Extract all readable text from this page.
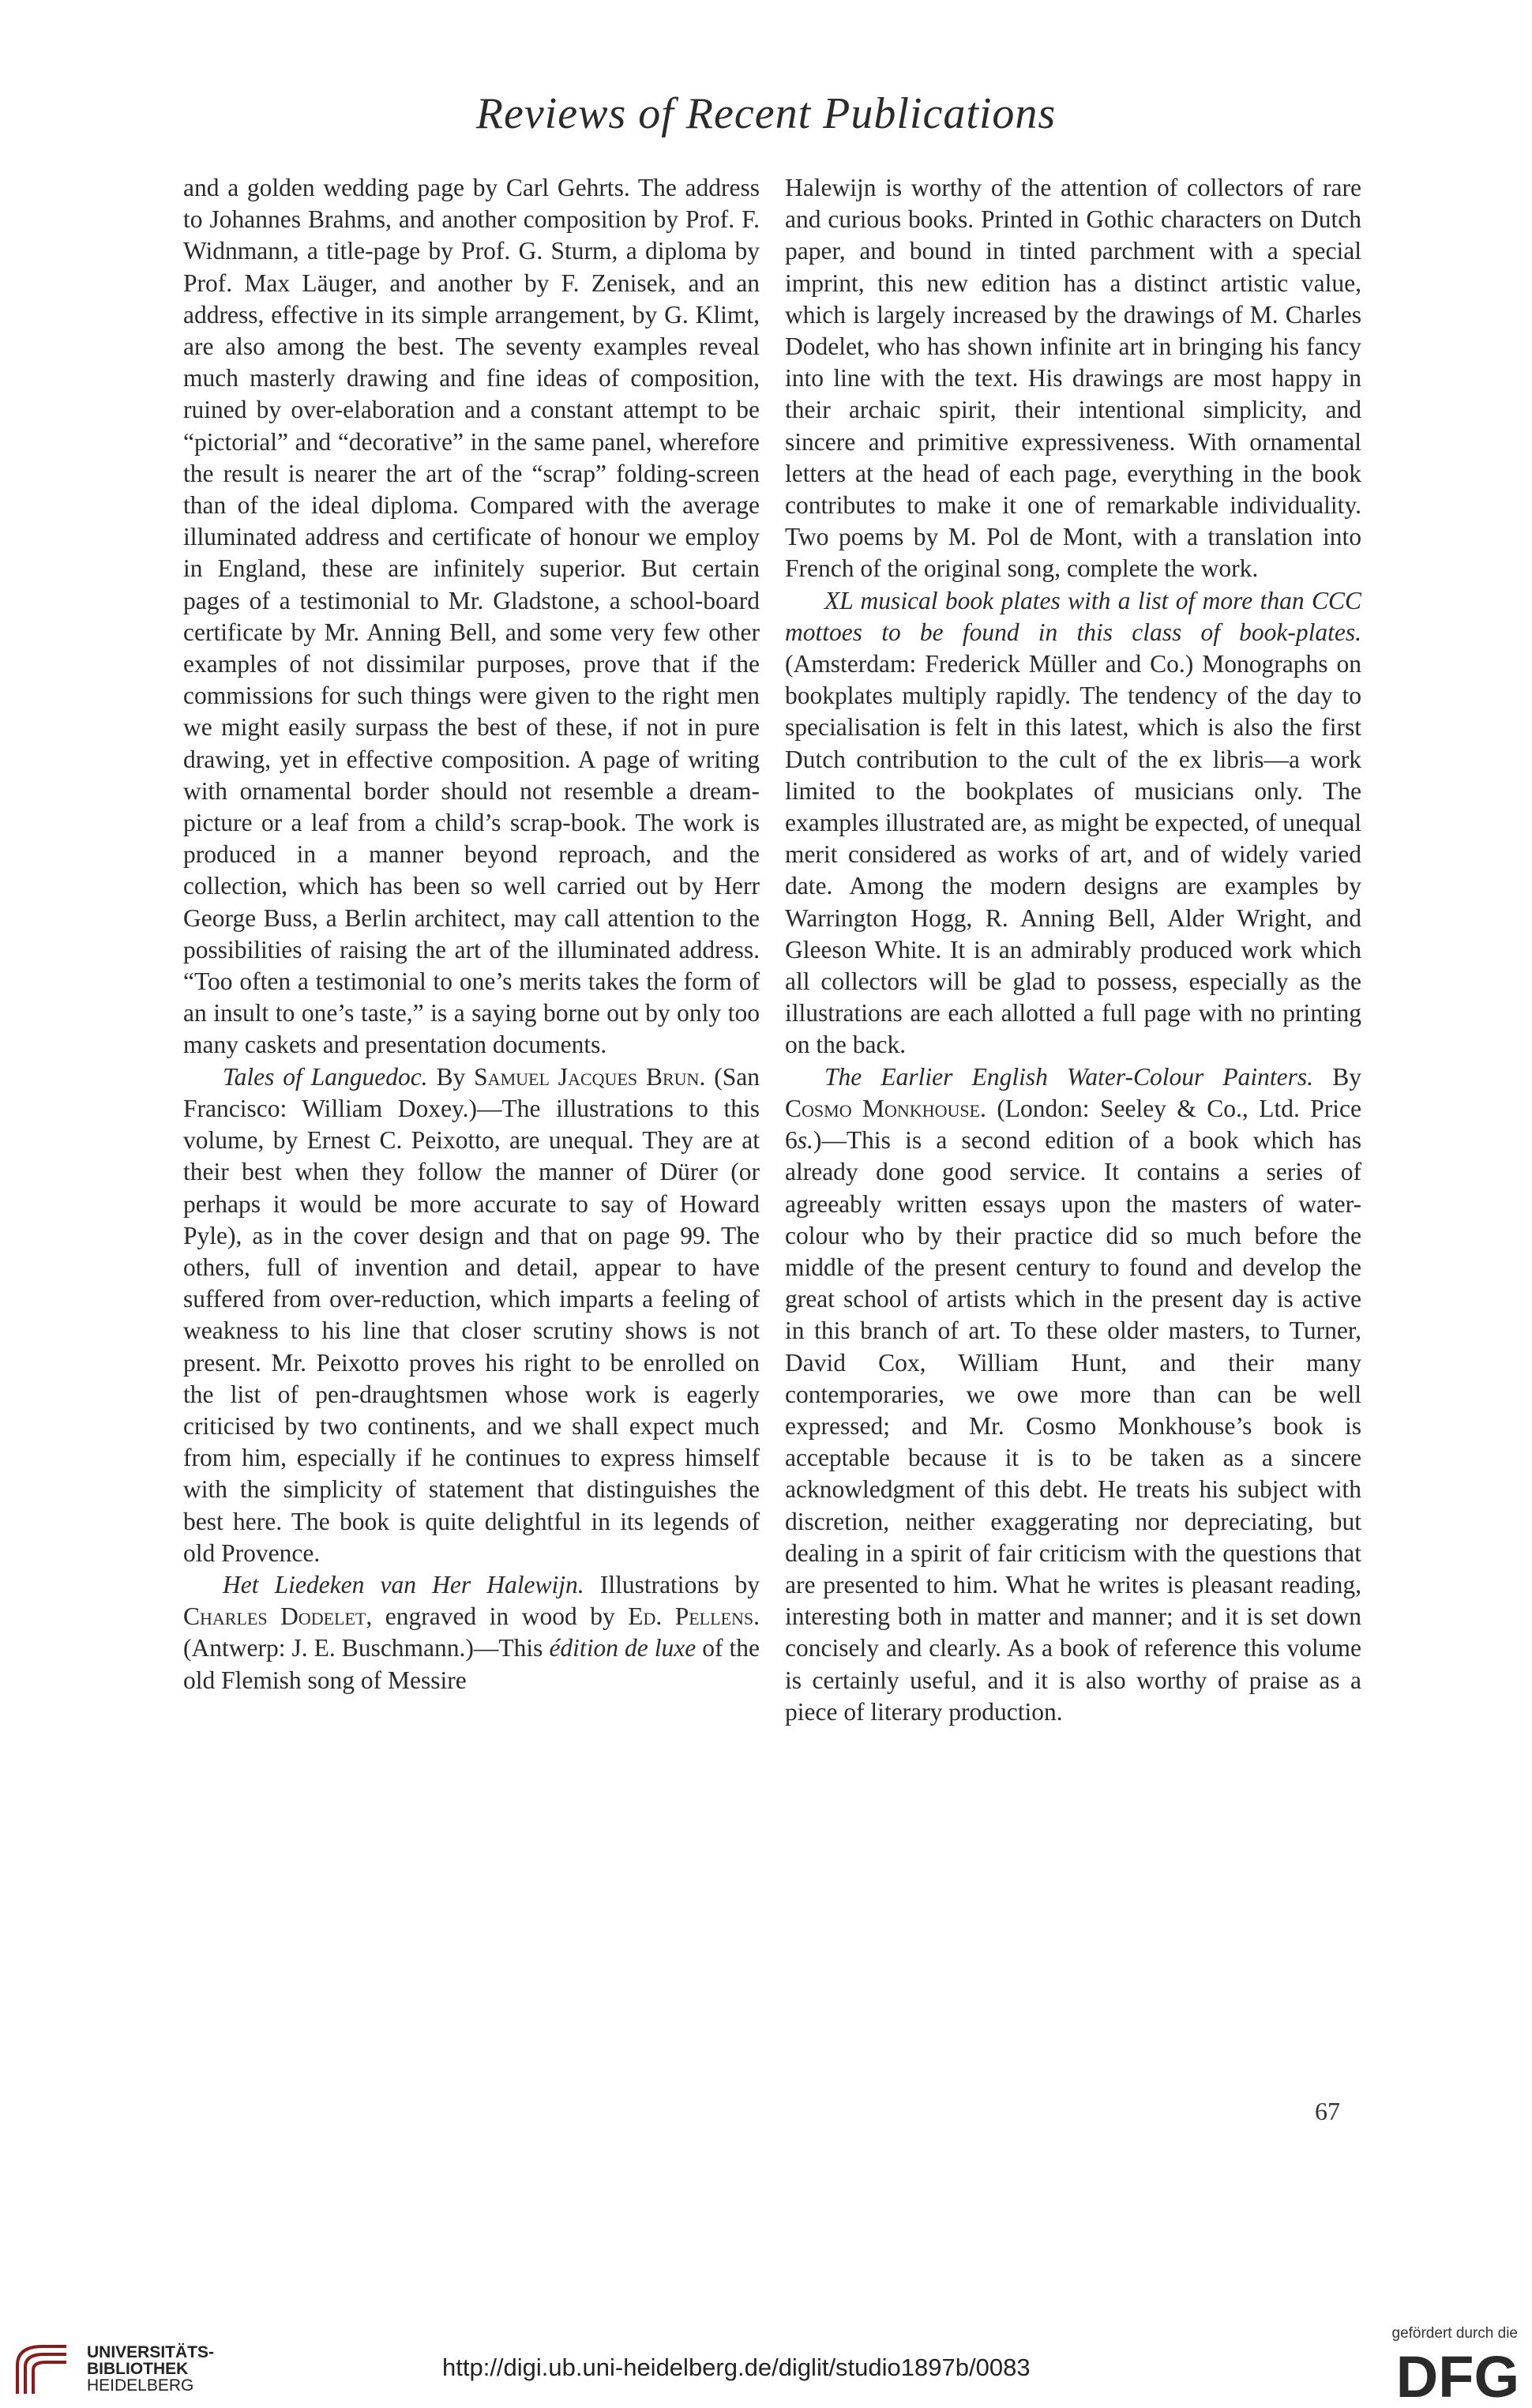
Reviews of Recent Publications

and a golden wedding page by Carl Gehrts. The address to Johannes Brahms, and another composition by Prof. F. Widnmann, a title-page by Prof. G. Sturm, a diploma by Prof. Max Läuger, and another by F. Zenisek, and an address, effective in its simple arrangement, by G. Klimt, are also among the best. The seventy examples reveal much masterly drawing and fine ideas of composition, ruined by over-elaboration and a constant attempt to be “pictorial” and “decorative” in the same panel, wherefore the result is nearer the art of the “scrap” folding-screen than of the ideal diploma. Compared with the average illuminated address and certificate of honour we employ in England, these are infinitely superior. But certain pages of a testimonial to Mr. Gladstone, a school-board certificate by Mr. Anning Bell, and some very few other examples of not dissimilar purposes, prove that if the commissions for such things were given to the right men we might easily surpass the best of these, if not in pure drawing, yet in effective composition. A page of writing with ornamental border should not resemble a dream-picture or a leaf from a child’s scrap-book. The work is produced in a manner beyond reproach, and the collection, which has been so well carried out by Herr George Buss, a Berlin architect, may call attention to the possibilities of raising the art of the illuminated address. “Too often a testimonial to one’s merits takes the form of an insult to one’s taste,” is a saying borne out by only too many caskets and presentation documents.

Tales of Languedoc. By Samuel Jacques Brun. (San Francisco: William Doxey.)—The illustrations to this volume, by Ernest C. Peixotto, are unequal. They are at their best when they follow the manner of Dürer (or perhaps it would be more accurate to say of Howard Pyle), as in the cover design and that on page 99. The others, full of invention and detail, appear to have suffered from over-reduction, which imparts a feeling of weakness to his line that closer scrutiny shows is not present. Mr. Peixotto proves his right to be enrolled on the list of pen-draughtsmen whose work is eagerly criticised by two continents, and we shall expect much from him, especially if he continues to express himself with the simplicity of statement that distinguishes the best here. The book is quite delightful in its legends of old Provence.

Het Liedeken van Her Halewijn. Illustrations by Charles Dodelet, engraved in wood by Ed. Pellens. (Antwerp: J. E. Buschmann.)—This édition de luxe of the old Flemish song of Messire

Halewijn is worthy of the attention of collectors of rare and curious books. Printed in Gothic characters on Dutch paper, and bound in tinted parchment with a special imprint, this new edition has a distinct artistic value, which is largely increased by the drawings of M. Charles Dodelet, who has shown infinite art in bringing his fancy into line with the text. His drawings are most happy in their archaic spirit, their intentional simplicity, and sincere and primitive expressiveness. With ornamental letters at the head of each page, everything in the book contributes to make it one of remarkable individuality. Two poems by M. Pol de Mont, with a translation into French of the original song, complete the work.

XL musical book plates with a list of more than CCC mottoes to be found in this class of book-plates. (Amsterdam: Frederick Müller and Co.) Monographs on bookplates multiply rapidly. The tendency of the day to specialisation is felt in this latest, which is also the first Dutch contribution to the cult of the ex libris—a work limited to the bookplates of musicians only. The examples illustrated are, as might be expected, of unequal merit considered as works of art, and of widely varied date. Among the modern designs are examples by Warrington Hogg, R. Anning Bell, Alder Wright, and Gleeson White. It is an admirably produced work which all collectors will be glad to possess, especially as the illustrations are each allotted a full page with no printing on the back.

The Earlier English Water-Colour Painters. By Cosmo Monkhouse. (London: Seeley & Co., Ltd. Price 6s.)—This is a second edition of a book which has already done good service. It contains a series of agreeably written essays upon the masters of water-colour who by their practice did so much before the middle of the present century to found and develop the great school of artists which in the present day is active in this branch of art. To these older masters, to Turner, David Cox, William Hunt, and their many contemporaries, we owe more than can be well expressed; and Mr. Cosmo Monkhouse’s book is acceptable because it is to be taken as a sincere acknowledgment of this debt. He treats his subject with discretion, neither exaggerating nor depreciating, but dealing in a spirit of fair criticism with the questions that are presented to him. What he writes is pleasant reading, interesting both in matter and manner; and it is set down concisely and clearly. As a book of reference this volume is certainly useful, and it is also worthy of praise as a piece of literary production.

67
UNIVERSITÄTS-
BIBLIOTHEK
HEIDELBERG
http://digi.ub.uni-heidelberg.de/diglit/studio1897b/0083
gefördert durch die
DFG
